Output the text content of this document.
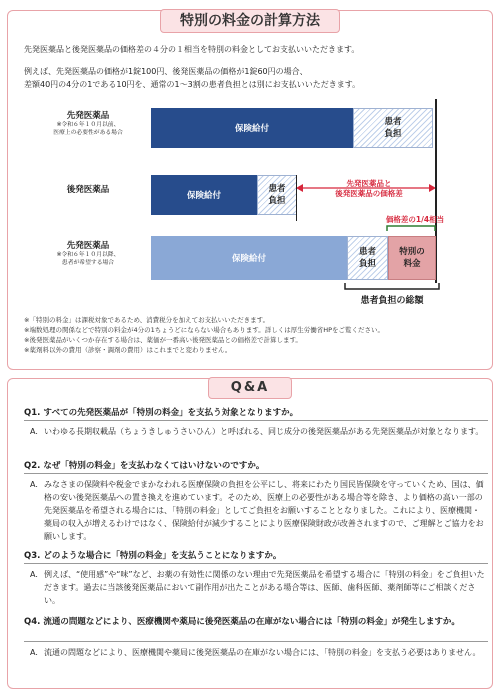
特別の料金の計算方法
先発医薬品と後発医薬品の価格差の４分の１相当を特別の料金としてお支払いいただきます。
例えば、先発医薬品の価格が1錠100円、後発医薬品の価格が1錠60円の場合、
差額40円の4分の1である10円を、通常の1～3割の患者負担とは別にお支払いいただきます。
先発医薬品
※令和６年１０月以前、
医療上の必要性がある場合	保険給付
患者
負担
後発医薬品
保険給付
患者
負担
先発医薬品と
後発医薬品の価格差
価格差の1/4相当
先発医薬品
※令和６年１０月以降、
患者が希望する場合	保険給付
患者
負担
特別の
料金
患者負担の総額
※「特別の料金」は課税対象であるため、消費税分を加えてお支払いいただきます。
※端数処理の関係などで特別の料金が4分の1ちょうどにならない場合もあります。詳しくは厚生労働省HPをご覧ください。
※後発医薬品がいくつか存在する場合は、薬価が一番高い後発医薬品との価格差で計算します。
※薬剤料以外の費用（診察・調剤の費用）はこれまでと変わりません。
Q&A
Q1. すべての先発医薬品が「特別の料金」を支払う対象となりますか。
A. いわゆる長期収載品（ちょうきしゅうさいひん）と呼ばれる、同じ成分の後発医薬品がある先発医薬品が対象となります。
Q2. なぜ「特別の料金」を支払わなくてはいけないのですか。
A. みなさまの保険料や税金でまかなわれる医療保険の負担を公平にし、将来にわたり国民皆保険を守っていくため、国は、価格の安い後発医薬品への置き換えを進めています。そのため、医療上の必要性がある場合等を除き、より価格の高い一部の先発医薬品を希望される場合には、「特別の料金」としてご負担をお願いすることとなりました。これにより、医療機関・薬局の収入が増えるわけではなく、保険給付が減少することにより医療保険財政が改善されますので、ご理解とご協力をお願いします。
Q3. どのような場合に「特別の料金」を支払うことになりますか。
A. 例えば、“使用感”や“味”など、お薬の有効性に関係のない理由で先発医薬品を希望する場合に「特別の料金」をご負担いただきます。過去に当該後発医薬品において副作用が出たことがある場合等は、医師、歯科医師、薬剤師等にご相談ください。
Q4. 流通の問題などにより、医療機関や薬局に後発医薬品の在庫がない場合には「特別の料金」が発生しますか。
A. 流通の問題などにより、医療機関や薬局に後発医薬品の在庫がない場合には、「特別の料金」を支払う必要はありません。
